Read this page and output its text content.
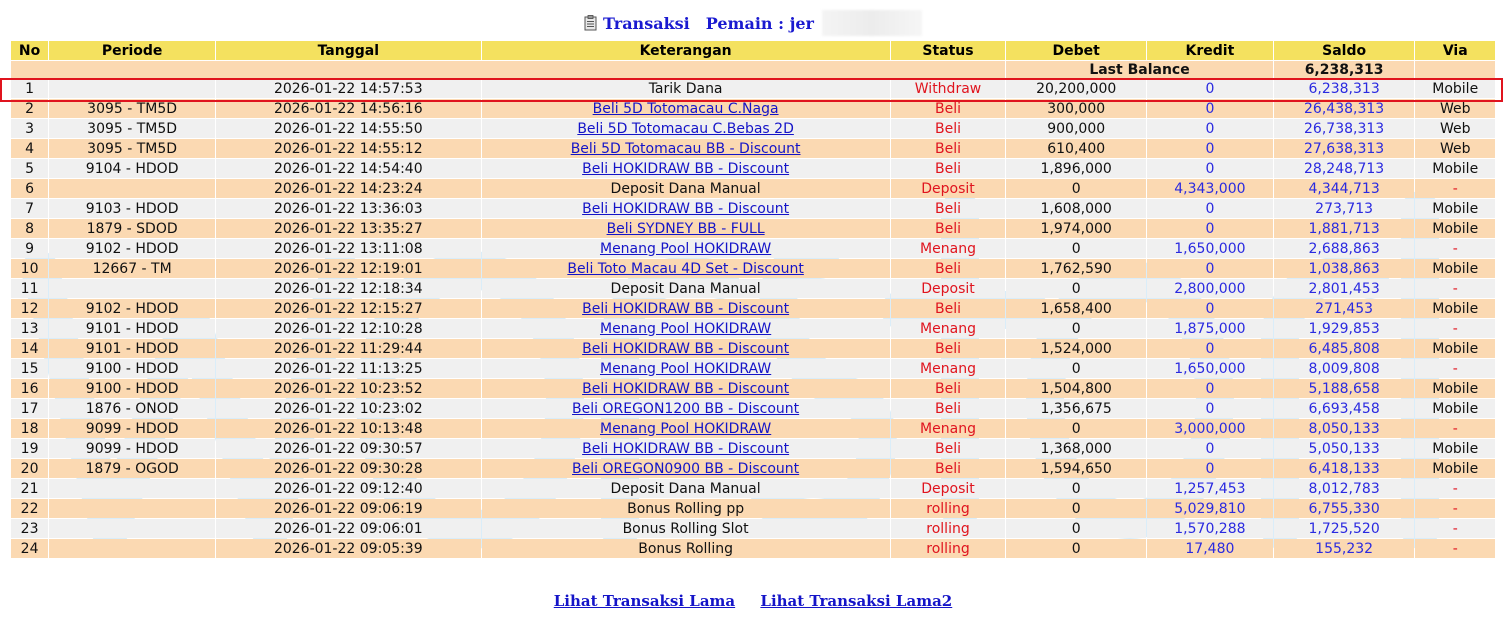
Transaksi Pemain : jer
No	Periode	Tanggal	Keterangan	Status	Debet	Kredit	Saldo	Via
					Last Balance		6,238,313	
1		2026-01-22 14:57:53	Tarik Dana	Withdraw	20,200,000	0	6,238,313	Mobile
2	3095 - TM5D	2026-01-22 14:56:16	Beli 5D Totomacau C.Naga	Beli	300,000	0	26,438,313	Web
3	3095 - TM5D	2026-01-22 14:55:50	Beli 5D Totomacau C.Bebas 2D	Beli	900,000	0	26,738,313	Web
4	3095 - TM5D	2026-01-22 14:55:12	Beli 5D Totomacau BB - Discount	Beli	610,400	0	27,638,313	Web
5	9104 - HDOD	2026-01-22 14:54:40	Beli HOKIDRAW BB - Discount	Beli	1,896,000	0	28,248,713	Mobile
6		2026-01-22 14:23:24	Deposit Dana Manual	Deposit	0	4,343,000	4,344,713	-
7	9103 - HDOD	2026-01-22 13:36:03	Beli HOKIDRAW BB - Discount	Beli	1,608,000	0	273,713	Mobile
8	1879 - SDOD	2026-01-22 13:35:27	Beli SYDNEY BB - FULL	Beli	1,974,000	0	1,881,713	Mobile
9	9102 - HDOD	2026-01-22 13:11:08	Menang Pool HOKIDRAW	Menang	0	1,650,000	2,688,863	-
10	12667 - TM	2026-01-22 12:19:01	Beli Toto Macau 4D Set - Discount	Beli	1,762,590	0	1,038,863	Mobile
11		2026-01-22 12:18:34	Deposit Dana Manual	Deposit	0	2,800,000	2,801,453	-
12	9102 - HDOD	2026-01-22 12:15:27	Beli HOKIDRAW BB - Discount	Beli	1,658,400	0	271,453	Mobile
13	9101 - HDOD	2026-01-22 12:10:28	Menang Pool HOKIDRAW	Menang	0	1,875,000	1,929,853	-
14	9101 - HDOD	2026-01-22 11:29:44	Beli HOKIDRAW BB - Discount	Beli	1,524,000	0	6,485,808	Mobile
15	9100 - HDOD	2026-01-22 11:13:25	Menang Pool HOKIDRAW	Menang	0	1,650,000	8,009,808	-
16	9100 - HDOD	2026-01-22 10:23:52	Beli HOKIDRAW BB - Discount	Beli	1,504,800	0	5,188,658	Mobile
17	1876 - ONOD	2026-01-22 10:23:02	Beli OREGON1200 BB - Discount	Beli	1,356,675	0	6,693,458	Mobile
18	9099 - HDOD	2026-01-22 10:13:48	Menang Pool HOKIDRAW	Menang	0	3,000,000	8,050,133	-
19	9099 - HDOD	2026-01-22 09:30:57	Beli HOKIDRAW BB - Discount	Beli	1,368,000	0	5,050,133	Mobile
20	1879 - OGOD	2026-01-22 09:30:28	Beli OREGON0900 BB - Discount	Beli	1,594,650	0	6,418,133	Mobile
21		2026-01-22 09:12:40	Deposit Dana Manual	Deposit	0	1,257,453	8,012,783	-
22		2026-01-22 09:06:19	Bonus Rolling pp	rolling	0	5,029,810	6,755,330	-
23		2026-01-22 09:06:01	Bonus Rolling Slot	rolling	0	1,570,288	1,725,520	-
24		2026-01-22 09:05:39	Bonus Rolling	rolling	0	17,480	155,232	-
Lihat Transaksi Lama Lihat Transaksi Lama2
